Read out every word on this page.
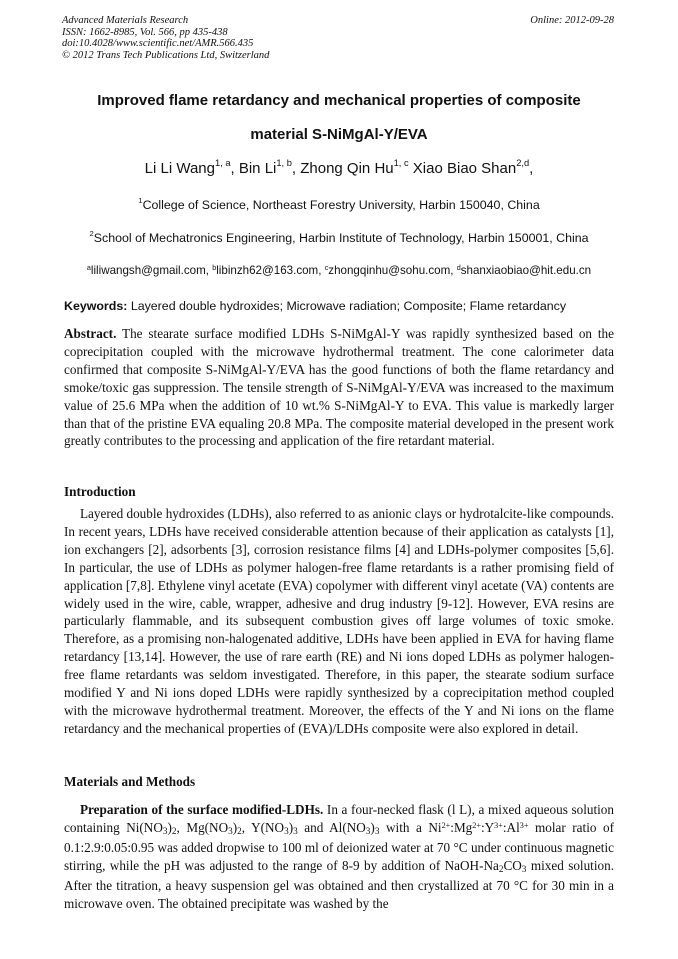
Advanced Materials Research
ISSN: 1662-8985, Vol. 566, pp 435-438
doi:10.4028/www.scientific.net/AMR.566.435
© 2012 Trans Tech Publications Ltd, Switzerland
Online: 2012-09-28
Improved flame retardancy and mechanical properties of composite
material S-NiMgAl-Y/EVA
Li Li Wang$^{1, a}$, Bin Li$^{1, b}$, Zhong Qin Hu$^{1, c}$ Xiao Biao Shan$^{2,d}$,
$^1$College of Science, Northeast Forestry University, Harbin 150040, China
$^2$School of Mechatronics Engineering, Harbin Institute of Technology, Harbin 150001, China
$^a$liliwangsh@gmail.com, $^b$libinzh62@163.com, $^c$zhongqinhu@sohu.com, $^d$shanxiaobiao@hit.edu.cn
Keywords: Layered double hydroxides; Microwave radiation; Composite; Flame retardancy
Abstract. The stearate surface modified LDHs S-NiMgAl-Y was rapidly synthesized based on the coprecipitation coupled with the microwave hydrothermal treatment. The cone calorimeter data confirmed that composite S-NiMgAl-Y/EVA has the good functions of both the flame retardancy and smoke/toxic gas suppression. The tensile strength of S-NiMgAl-Y/EVA was increased to the maximum value of 25.6 MPa when the addition of 10 wt.% S-NiMgAl-Y to EVA. This value is markedly larger than that of the pristine EVA equaling 20.8 MPa. The composite material developed in the present work greatly contributes to the processing and application of the fire retardant material.
Introduction
Layered double hydroxides (LDHs), also referred to as anionic clays or hydrotalcite-like compounds. In recent years, LDHs have received considerable attention because of their application as catalysts [1], ion exchangers [2], adsorbents [3], corrosion resistance films [4] and LDHs-polymer composites [5,6]. In particular, the use of LDHs as polymer halogen-free flame retardants is a rather promising field of application [7,8]. Ethylene vinyl acetate (EVA) copolymer with different vinyl acetate (VA) contents are widely used in the wire, cable, wrapper, adhesive and drug industry [9-12]. However, EVA resins are particularly flammable, and its subsequent combustion gives off large volumes of toxic smoke. Therefore, as a promising non-halogenated additive, LDHs have been applied in EVA for having flame retardancy [13,14]. However, the use of rare earth (RE) and Ni ions doped LDHs as polymer halogen-free flame retardants was seldom investigated. Therefore, in this paper, the stearate sodium surface modified Y and Ni ions doped LDHs were rapidly synthesized by a coprecipitation method coupled with the microwave hydrothermal treatment. Moreover, the effects of the Y and Ni ions on the flame retardancy and the mechanical properties of (EVA)/LDHs composite were also explored in detail.
Materials and Methods
Preparation of the surface modified-LDHs. In a four-necked flask (l L), a mixed aqueous solution containing $Ni(NO_3)_2$, $Mg(NO_3)_2$, $Y(NO_3)_3$ and $Al(NO_3)_3$ with a $Ni^{2+}:Mg^{2+}:Y^{3+}:Al^{3+}$ molar ratio of 0.1:2.9:0.05:0.95 was added dropwise to 100 ml of deionized water at 70 °C under continuous magnetic stirring, while the pH was adjusted to the range of 8-9 by addition of NaOH-$Na_2CO_3$ mixed solution. After the titration, a heavy suspension gel was obtained and then crystallized at 70 °C for 30 min in a microwave oven. The obtained precipitate was washed by the
